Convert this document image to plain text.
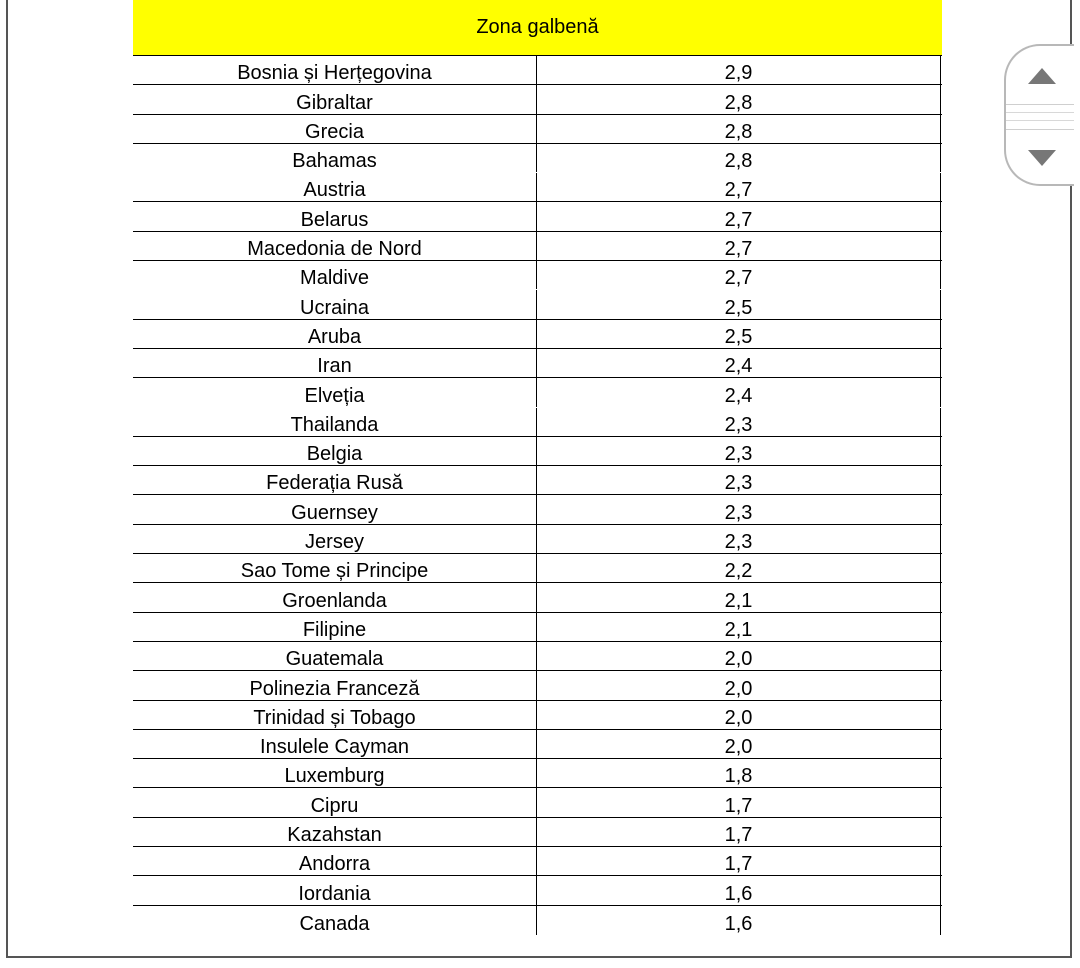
Zona galbenă
Bosnia și Herțegovina	2,9
Gibraltar	2,8
Grecia	2,8
Bahamas	2,8
Austria	2,7
Belarus	2,7
Macedonia de Nord	2,7
Maldive	2,7
Ucraina	2,5
Aruba	2,5
Iran	2,4
Elveția	2,4
Thailanda	2,3
Belgia	2,3
Federația Rusă	2,3
Guernsey	2,3
Jersey	2,3
Sao Tome și Principe	2,2
Groenlanda	2,1
Filipine	2,1
Guatemala	2,0
Polinezia Franceză	2,0
Trinidad și Tobago	2,0
Insulele Cayman	2,0
Luxemburg	1,8
Cipru	1,7
Kazahstan	1,7
Andorra	1,7
Iordania	1,6
Canada	1,6
